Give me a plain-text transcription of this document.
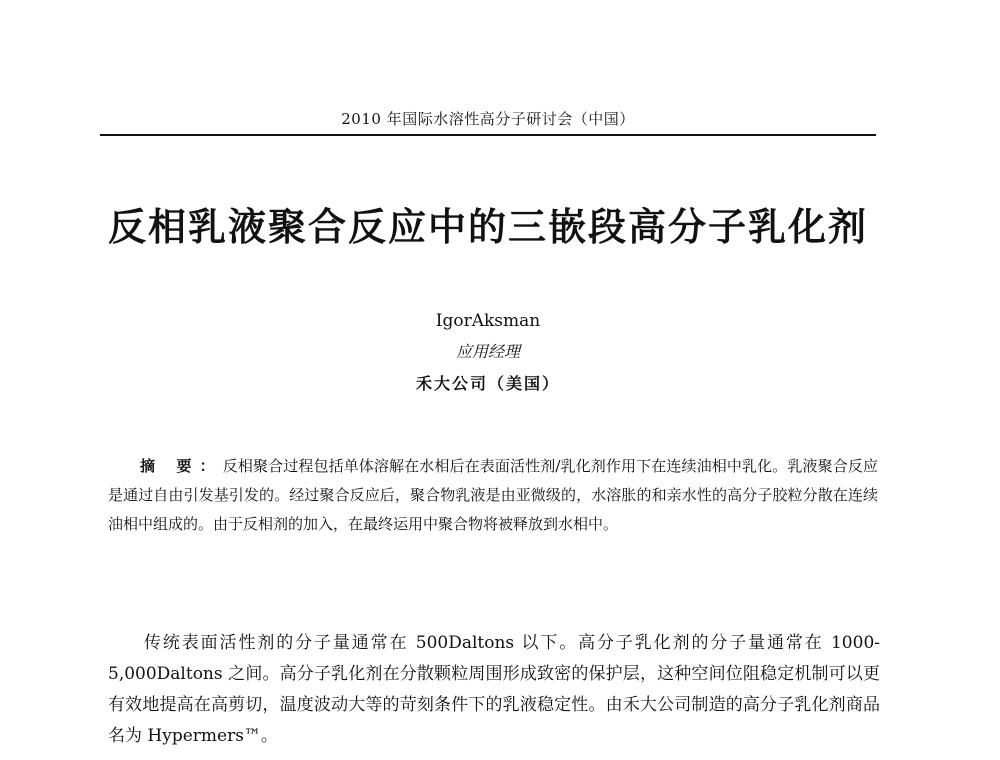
2010 年国际水溶性高分子研讨会（中国）
反相乳液聚合反应中的三嵌段高分子乳化剂
IgorAksman
应用经理
禾大公司（美国）

摘 要：反相聚合过程包括单体溶解在水相后在表面活性剂/乳化剂作用下在连续油相中乳化。乳液聚合反应是通过自由引发基引发的。经过聚合反应后，聚合物乳液是由亚微级的，水溶胀的和亲水性的高分子胶粒分散在连续油相中组成的。由于反相剂的加入，在最终运用中聚合物将被释放到水相中。

传统表面活性剂的分子量通常在 500Daltons 以下。高分子乳化剂的分子量通常在 1000-5,000Daltons 之间。高分子乳化剂在分散颗粒周围形成致密的保护层，这种空间位阻稳定机制可以更有效地提高在高剪切，温度波动大等的苛刻条件下的乳液稳定性。由禾大公司制造的高分子乳化剂商品名为 Hypermers™。
